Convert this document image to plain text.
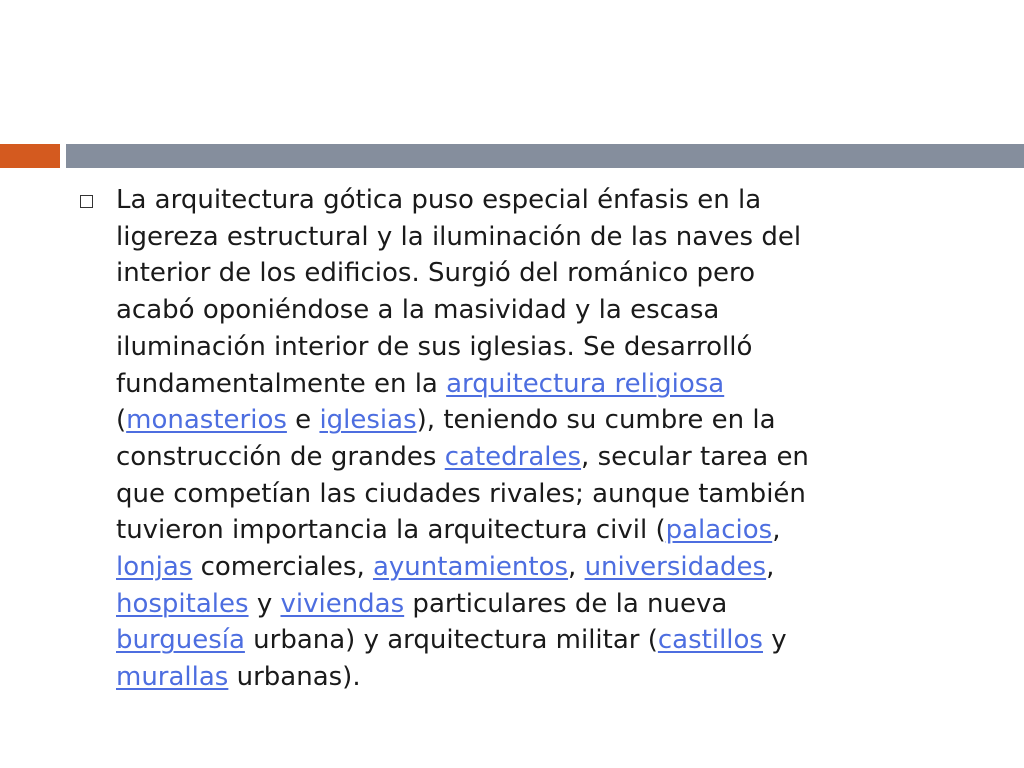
La arquitectura gótica puso especial énfasis en la
ligereza estructural y la iluminación de las naves del
interior de los edificios. Surgió del románico pero
acabó oponiéndose a la masividad y la escasa
iluminación interior de sus iglesias. Se desarrolló
fundamentalmente en la arquitectura religiosa
(monasterios e iglesias), teniendo su cumbre en la
construcción de grandes catedrales, secular tarea en
que competían las ciudades rivales; aunque también
tuvieron importancia la arquitectura civil (palacios,
lonjas comerciales, ayuntamientos, universidades,
hospitales y viviendas particulares de la nueva
burguesía urbana) y arquitectura militar (castillos y
murallas urbanas).
